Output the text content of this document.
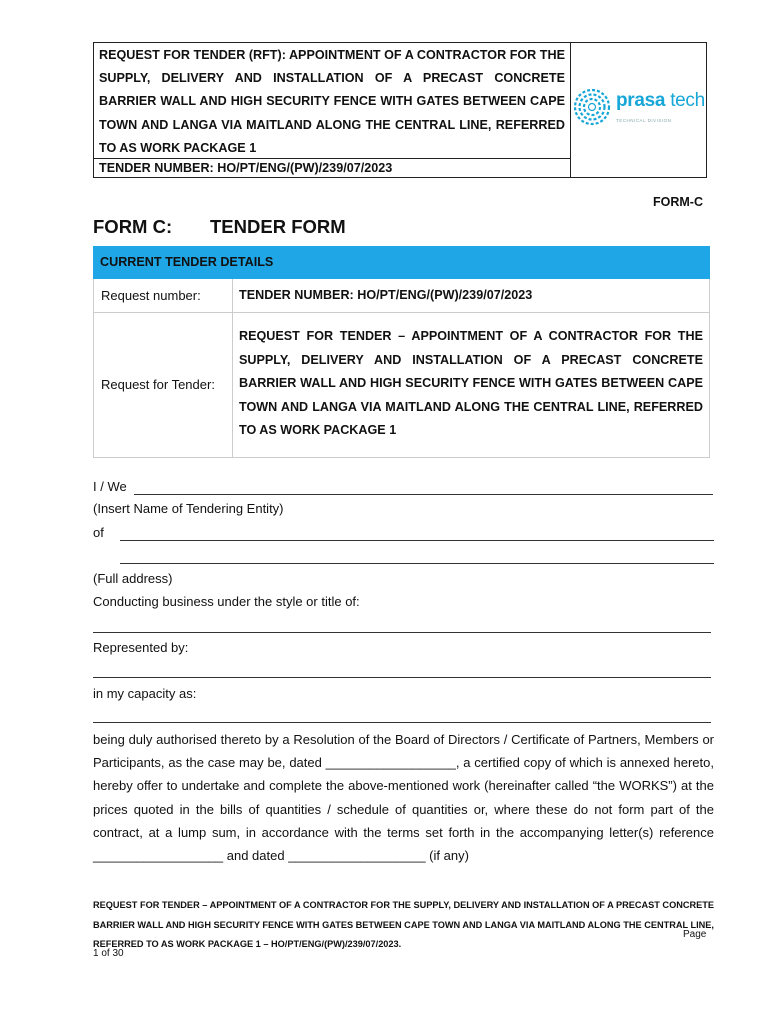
REQUEST FOR TENDER (RFT): APPOINTMENT OF A CONTRACTOR FOR THE SUPPLY, DELIVERY AND INSTALLATION OF A PRECAST CONCRETE BARRIER WALL AND HIGH SECURITY FENCE WITH GATES BETWEEN CAPE TOWN AND LANGA VIA MAITLAND ALONG THE CENTRAL LINE, REFERRED TO AS WORK PACKAGE 1
TENDER NUMBER: HO/PT/ENG/(PW)/239/07/2023
prasa tech
TECHNICAL DIVISION
FORM-C
FORM C: TENDER FORM
CURRENT TENDER DETAILS
Request number:	TENDER NUMBER: HO/PT/ENG/(PW)/239/07/2023
Request for Tender:

REQUEST FOR TENDER – APPOINTMENT OF A CONTRACTOR FOR THE SUPPLY, DELIVERY AND INSTALLATION OF A PRECAST CONCRETE BARRIER WALL AND HIGH SECURITY FENCE WITH GATES BETWEEN CAPE TOWN AND LANGA VIA MAITLAND ALONG THE CENTRAL LINE, REFERRED TO AS WORK PACKAGE 1

I / We
(Insert Name of Tendering Entity)
of
(Full address)
Conducting business under the style or title of:
Represented by:
in my capacity as:

being duly authorised thereto by a Resolution of the Board of Directors / Certificate of Partners, Members or Participants, as the case may be, dated __________________, a certified copy of which is annexed hereto, hereby offer to undertake and complete the above-mentioned work (hereinafter called “the WORKS”) at the prices quoted in the bills of quantities / schedule of quantities or, where these do not form part of the contract, at a lump sum, in accordance with the terms set forth in the accompanying letter(s) reference __________________ and dated ___________________ (if any)

REQUEST FOR TENDER – APPOINTMENT OF A CONTRACTOR FOR THE SUPPLY, DELIVERY AND INSTALLATION OF A PRECAST CONCRETE BARRIER WALL AND HIGH SECURITY FENCE WITH GATES BETWEEN CAPE TOWN AND LANGA VIA MAITLAND ALONG THE CENTRAL LINE, REFERRED TO AS WORK PACKAGE 1 – HO/PT/ENG/(PW)/239/07/2023.

Page
1 of 30
